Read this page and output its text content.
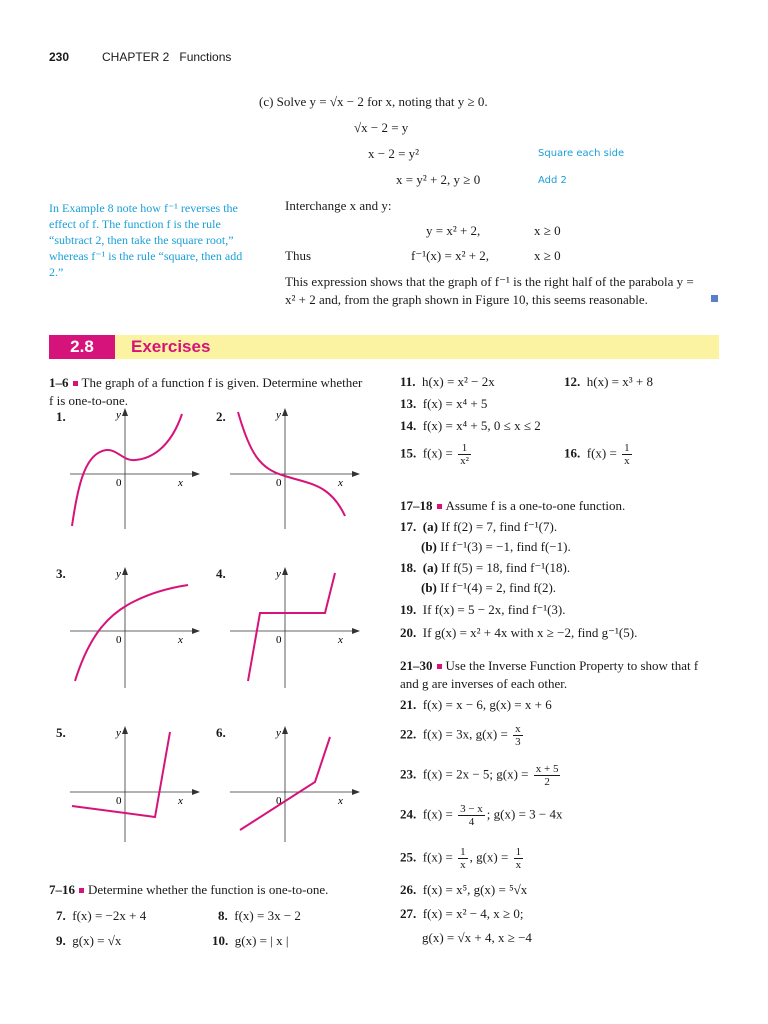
230	CHAPTER 2 Functions
(c) Solve y = √x − 2 for x, noting that y ≥ 0.
√x − 2 = y
x − 2 = y²
x = y² + 2, y ≥ 0
Square each side
Add 2
Interchange x and y:
y = x² + 2,	x ≥ 0
Thus	f⁻¹(x) = x² + 2,	x ≥ 0
This expression shows that the graph of f⁻¹ is the right half of the parabola y = x² + 2 and, from the graph shown in Figure 10, this seems reasonable.
In Example 8 note how f⁻¹ reverses the effect of f. The function f is the rule “subtract 2, then take the square root,” whereas f⁻¹ is the rule “square, then add 2.”
2.8	Exercises
1–6 The graph of a function f is given. Determine whether f is one-to-one.
1.	2.
3.	4.
5.	6.
0	x
y
0	x
y
0	x
y
0	x
y
0	x
y
0	x
y
7–16 Determine whether the function is one-to-one.
7. f(x) = −2x + 4	8. f(x) = 3x − 2
9. g(x) = √x	10. g(x) = | x |
11. h(x) = x² − 2x	12. h(x) = x³ + 8
13. f(x) = x⁴ + 5
14. f(x) = x⁴ + 5, 0 ≤ x ≤ 2
15. $f(x) = \frac{1}{\text{x²}}$	16. $f(x) = \frac{1}{x}$
17–18 Assume f is a one-to-one function.
17. (a) If f(2) = 7, find f⁻¹(7).
(b) If f⁻¹(3) = −1, find f(−1).
18. (a) If f(5) = 18, find f⁻¹(18).
(b) If f⁻¹(4) = 2, find f(2).
19. If f(x) = 5 − 2x, find f⁻¹(3).
20. If g(x) = x² + 4x with x ≥ −2, find g⁻¹(5).
21–30 Use the Inverse Function Property to show that f and g are inverses of each other.
21. f(x) = x − 6, g(x) = x + 6
22. f(x) = 3x, $g(x) = \frac{x}{3}$
23. f(x) = 2x − 5; $g(x) = \frac{x + 5}{2}$
24. $f(x) = \frac{3 - x}{4}$ ; g(x) = 3 − 4x
25. $f(x) = \frac{1}{x}$ , $g(x) = \frac{1}{x}$
26. f(x) = x⁵, g(x) = ⁵√x
27. f(x) = x² − 4, x ≥ 0;
g(x) = √x + 4, x ≥ −4
